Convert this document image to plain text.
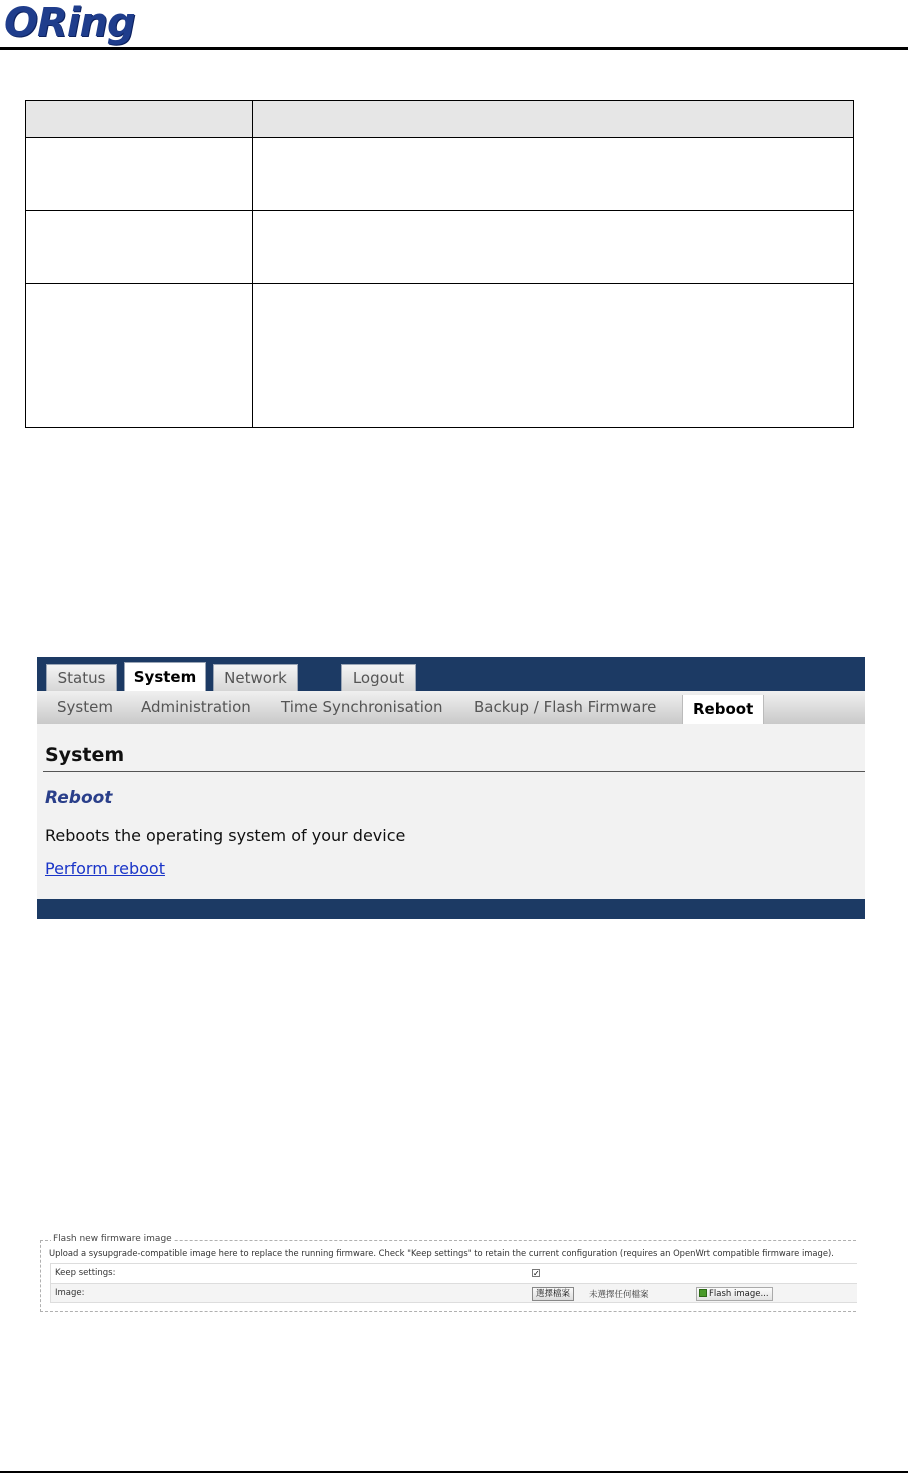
ORing

Status	System	Network	Logout
System Administration Time Synchronisation Backup / Flash Firmware	Reboot
System
Reboot
Reboots the operating system of your device
Perform reboot
Flash new firmware image
Upload a sysupgrade-compatible image here to replace the running firmware. Check "Keep settings" to retain the current configuration (requires an OpenWrt compatible firmware image).
Keep settings:	✓
Image:	選擇檔案	未選擇任何檔案	Flash image...
